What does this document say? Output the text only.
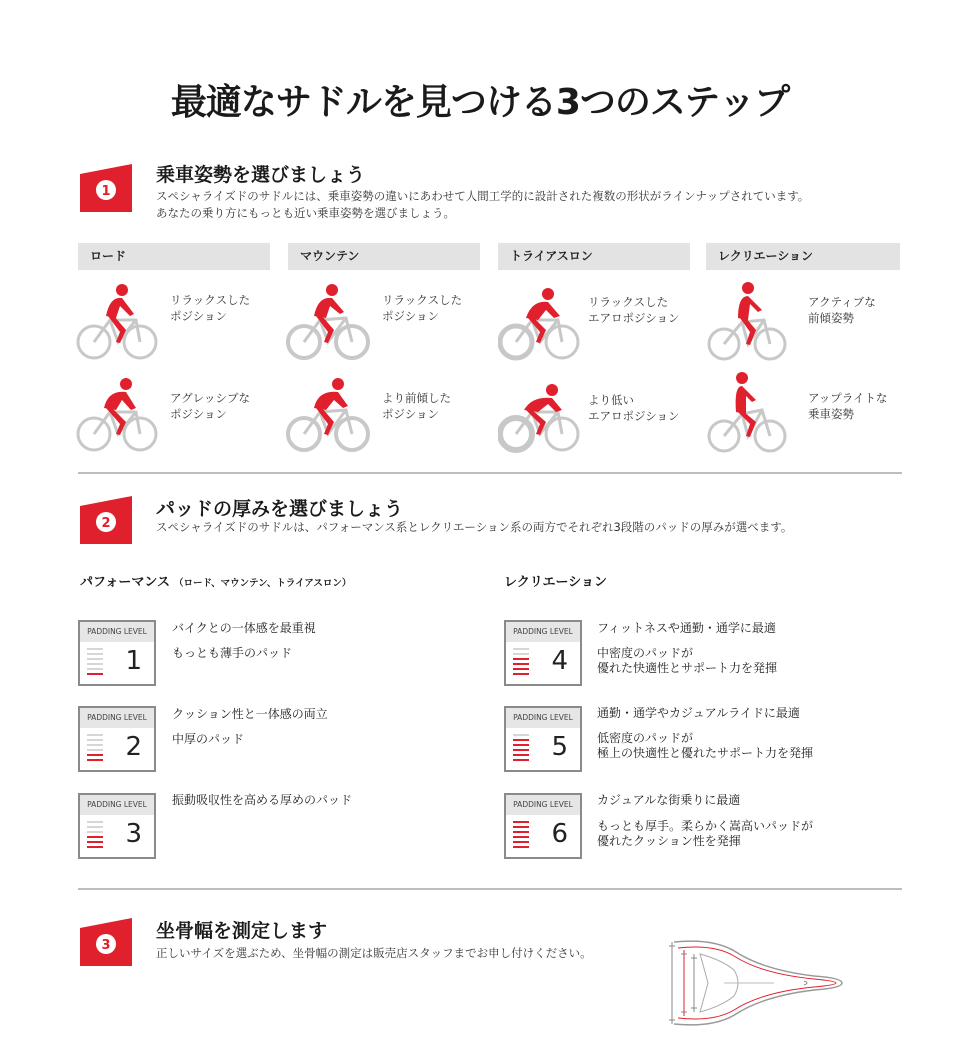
最適なサドルを見つける3つのステップ
1
乗車姿勢を選びましょう
スペシャライズドのサドルには、乗車姿勢の違いにあわせて人間工学的に設計された複数の形状がラインナップされています。
あなたの乗り方にもっとも近い乗車姿勢を選びましょう。
ロード	マウンテン	トライアスロン	レクリエーション
リラックスした
ポジション
リラックスした
ポジション
リラックスした
エアロポジション
アクティブな
前傾姿勢
アグレッシブな
ポジション
より前傾した
ポジション
より低い
エアロポジション
アップライトな
乗車姿勢
2
パッドの厚みを選びましょう
スペシャライズドのサドルは、パフォーマンス系とレクリエーション系の両方でそれぞれ3段階のパッドの厚みが選べます。
パフォーマンス （ロード、マウンテン、トライアスロン）	レクリエーション
PADDING LEVEL
1
バイクとの一体感を最重視
もっとも薄手のパッド
PADDING LEVEL
2
クッション性と一体感の両立
中厚のパッド
PADDING LEVEL
3
振動吸収性を高める厚めのパッド
PADDING LEVEL
4
フィットネスや通勤・通学に最適
中密度のパッドが
優れた快適性とサポート力を発揮
PADDING LEVEL
5
通勤・通学やカジュアルライドに最適
低密度のパッドが
極上の快適性と優れたサポート力を発揮
PADDING LEVEL
6
カジュアルな街乗りに最適
もっとも厚手。柔らかく嵩高いパッドが
優れたクッション性を発揮
3
坐骨幅を測定します
正しいサイズを選ぶため、坐骨幅の測定は販売店スタッフまでお申し付けください。
